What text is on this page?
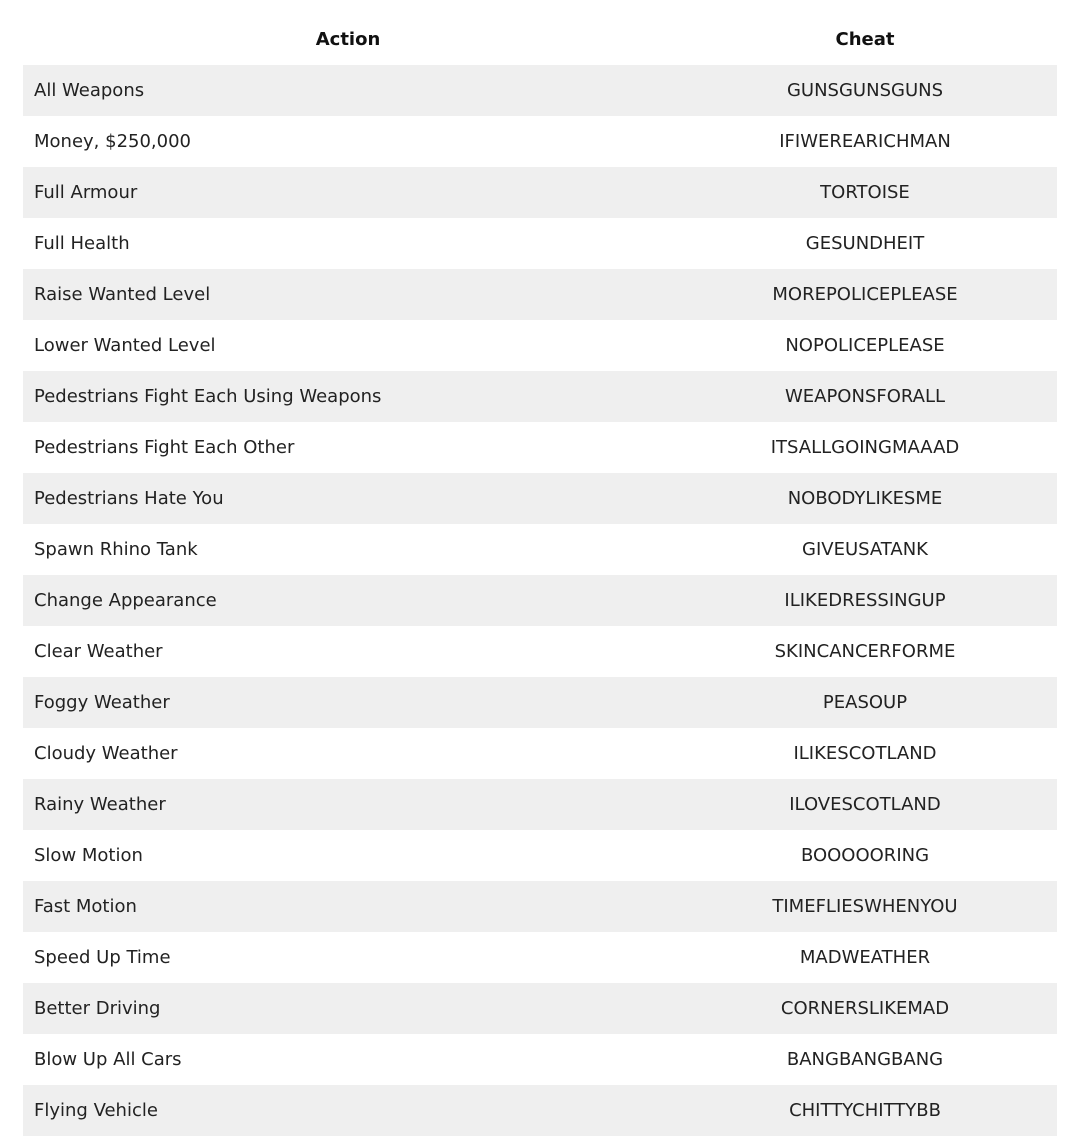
Action	Cheat
All Weapons	GUNSGUNSGUNS
Money, $250,000	IFIWEREARICHMAN
Full Armour	TORTOISE
Full Health	GESUNDHEIT
Raise Wanted Level	MOREPOLICEPLEASE
Lower Wanted Level	NOPOLICEPLEASE
Pedestrians Fight Each Using Weapons	WEAPONSFORALL
Pedestrians Fight Each Other	ITSALLGOINGMAAAD
Pedestrians Hate You	NOBODYLIKESME
Spawn Rhino Tank	GIVEUSATANK
Change Appearance	ILIKEDRESSINGUP
Clear Weather	SKINCANCERFORME
Foggy Weather	PEASOUP
Cloudy Weather	ILIKESCOTLAND
Rainy Weather	ILOVESCOTLAND
Slow Motion	BOOOOORING
Fast Motion	TIMEFLIESWHENYOU
Speed Up Time	MADWEATHER
Better Driving	CORNERSLIKEMAD
Blow Up All Cars	BANGBANGBANG
Flying Vehicle	CHITTYCHITTYBB
